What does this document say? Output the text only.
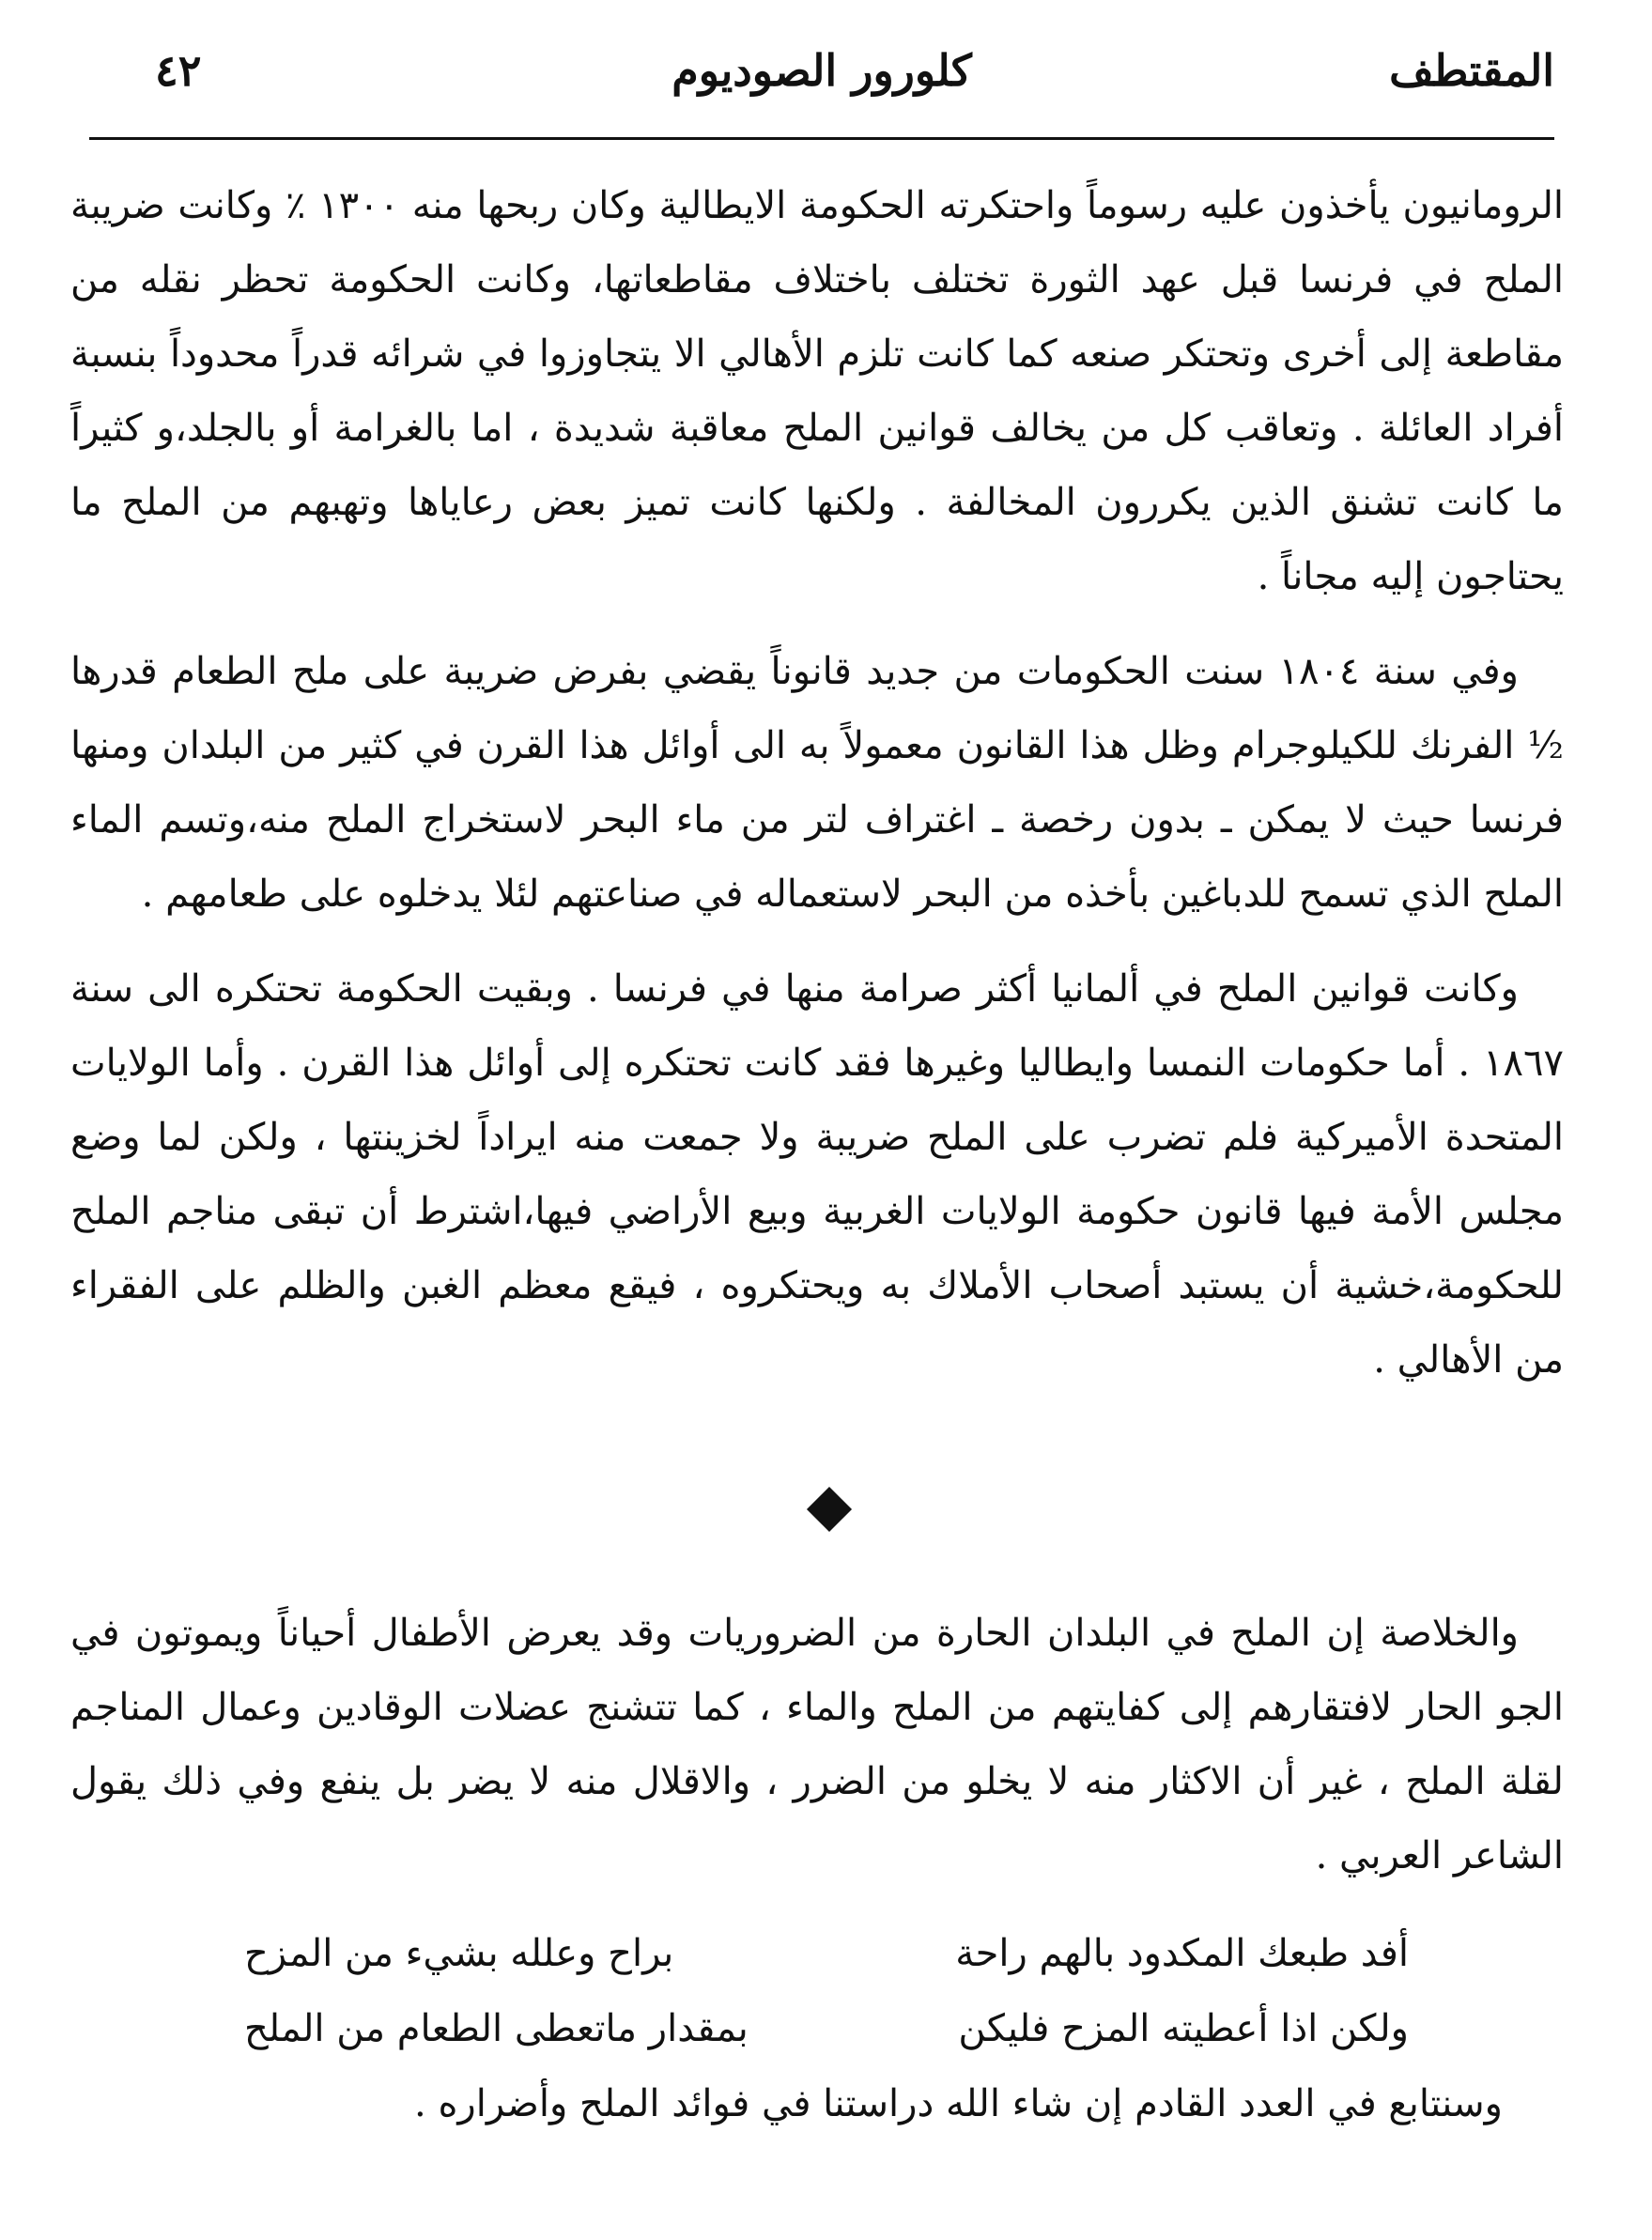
٤٢	كلورور الصوديوم	المقتطف

الرومانيون يأخذون عليه رسوماً واحتكرته الحكومة الايطالية وكان ربحها منه ١٣٠٠ ٪ وكانت ضريبة الملح في فرنسا قبل عهد الثورة تختلف باختلاف مقاطعاتها، وكانت الحكومة تحظر نقله من مقاطعة إلى أخرى وتحتكر صنعه كما كانت تلزم الأهالي الا يتجاوزوا في شرائه قدراً محدوداً بنسبة أفراد العائلة . وتعاقب كل من يخالف قوانين الملح معاقبة شديدة ، اما بالغرامة أو بالجلد،و كثيراً ما كانت تشنق الذين يكررون المخالفة . ولكنها كانت تميز بعض رعاياها وتهبهم من الملح ما يحتاجون إليه مجاناً .

وفي سنة ١٨٠٤ سنت الحكومات من جديد قانوناً يقضي بفرض ضريبة على ملح الطعام قدرها ½ الفرنك للكيلوجرام وظل هذا القانون معمولاً به الى أوائل هذا القرن في كثير من البلدان ومنها فرنسا حيث لا يمكن ـ بدون رخصة ـ اغتراف لتر من ماء البحر لاستخراج الملح منه،وتسم الماء الملح الذي تسمح للدباغين بأخذه من البحر لاستعماله في صناعتهم لئلا يدخلوه على طعامهم .

وكانت قوانين الملح في ألمانيا أكثر صرامة منها في فرنسا . وبقيت الحكومة تحتكره الى سنة ١٨٦٧ . أما حكومات النمسا وايطاليا وغيرها فقد كانت تحتكره إلى أوائل هذا القرن . وأما الولايات المتحدة الأميركية فلم تضرب على الملح ضريبة ولا جمعت منه ايراداً لخزينتها ، ولكن لما وضع مجلس الأمة فيها قانون حكومة الولايات الغربية وبيع الأراضي فيها،اشترط أن تبقى مناجم الملح للحكومة،خشية أن يستبد أصحاب الأملاك به ويحتكروه ، فيقع معظم الغبن والظلم على الفقراء من الأهالي .

والخلاصة إن الملح في البلدان الحارة من الضروريات وقد يعرض الأطفال أحياناً ويموتون في الجو الحار لافتقارهم إلى كفايتهم من الملح والماء ، كما تتشنج عضلات الوقادين وعمال المناجم لقلة الملح ، غير أن الاكثار منه لا يخلو من الضرر ، والاقلال منه لا يضر بل ينفع وفي ذلك يقول الشاعر العربي .

أفد طبعك المكدود بالهم راحة
براح وعلله بشيء من المزح
ولكن اذا أعطيته المزح فليكن
بمقدار ماتعطى الطعام من الملح
وسنتابع في العدد القادم إن شاء الله دراستنا في فوائد الملح وأضراره .
